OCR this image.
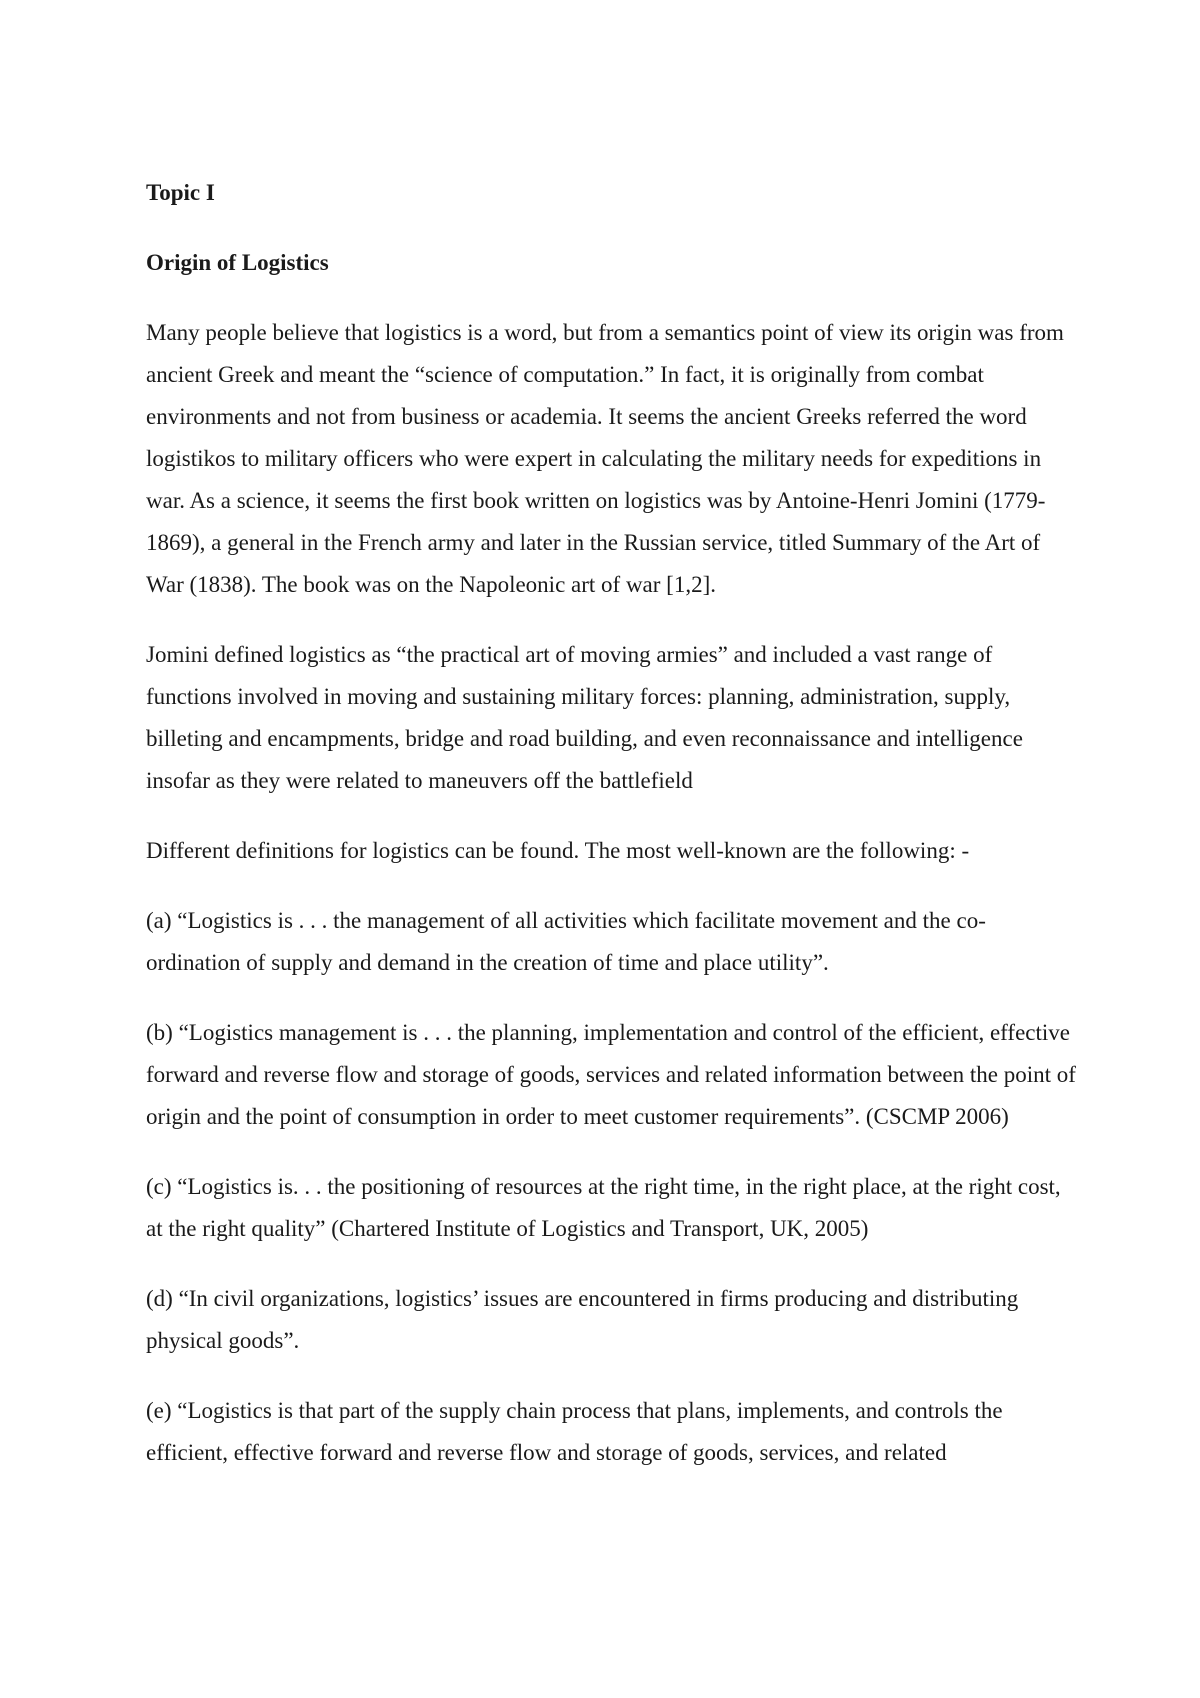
Topic I

Origin of Logistics

Many people believe that logistics is a word, but from a semantics point of view its origin was from ancient Greek and meant the “science of computation.” In fact, it is originally from combat environments and not from business or academia. It seems the ancient Greeks referred the word logistikos to military officers who were expert in calculating the military needs for expeditions in war. As a science, it seems the first book written on logistics was by Antoine-Henri Jomini (1779-1869), a general in the French army and later in the Russian service, titled Summary of the Art of War (1838). The book was on the Napoleonic art of war [1,2].

Jomini defined logistics as “the practical art of moving armies” and included a vast range of functions involved in moving and sustaining military forces: planning, administration, supply, billeting and encampments, bridge and road building, and even reconnaissance and intelligence insofar as they were related to maneuvers off the battlefield

Different definitions for logistics can be found. The most well-known are the following: -

(a) “Logistics is . . . the management of all activities which facilitate movement and the co-ordination of supply and demand in the creation of time and place utility”.

(b) “Logistics management is . . . the planning, implementation and control of the efficient, effective forward and reverse flow and storage of goods, services and related information between the point of origin and the point of consumption in order to meet customer requirements”. (CSCMP 2006)

(c) “Logistics is. . . the positioning of resources at the right time, in the right place, at the right cost, at the right quality” (Chartered Institute of Logistics and Transport, UK, 2005)

(d) “In civil organizations, logistics’ issues are encountered in firms producing and distributing physical goods”.

(e) “Logistics is that part of the supply chain process that plans, implements, and controls the efficient, effective forward and reverse flow and storage of goods, services, and related
